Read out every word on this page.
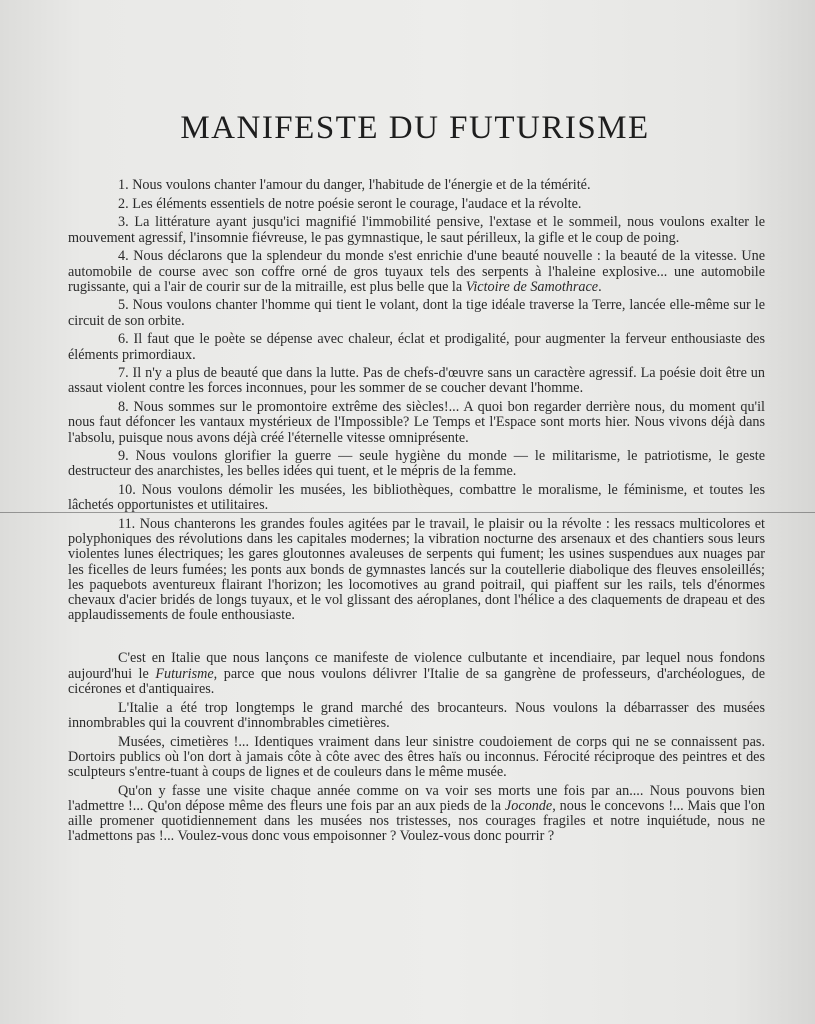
MANIFESTE DU FUTURISME

1. Nous voulons chanter l'amour du danger, l'habitude de l'énergie et de la témérité.

2. Les éléments essentiels de notre poésie seront le courage, l'audace et la révolte.

3. La littérature ayant jusqu'ici magnifié l'immobilité pensive, l'extase et le sommeil, nous voulons exalter le mouvement agressif, l'insomnie fiévreuse, le pas gymnastique, le saut périlleux, la gifle et le coup de poing.

4. Nous déclarons que la splendeur du monde s'est enrichie d'une beauté nouvelle : la beauté de la vitesse. Une automobile de course avec son coffre orné de gros tuyaux tels des serpents à l'haleine explosive... une automobile rugissante, qui a l'air de courir sur de la mitraille, est plus belle que la Victoire de Samothrace.

5. Nous voulons chanter l'homme qui tient le volant, dont la tige idéale traverse la Terre, lancée elle-même sur le circuit de son orbite.

6. Il faut que le poète se dépense avec chaleur, éclat et prodigalité, pour augmenter la ferveur enthousiaste des éléments primordiaux.

7. Il n'y a plus de beauté que dans la lutte. Pas de chefs-d'œuvre sans un caractère agressif. La poésie doit être un assaut violent contre les forces inconnues, pour les sommer de se coucher devant l'homme.

8. Nous sommes sur le promontoire extrême des siècles!... A quoi bon regarder derrière nous, du moment qu'il nous faut défoncer les vantaux mystérieux de l'Impossible? Le Temps et l'Espace sont morts hier. Nous vivons déjà dans l'absolu, puisque nous avons déjà créé l'éternelle vitesse omniprésente.

9. Nous voulons glorifier la guerre — seule hygiène du monde — le militarisme, le patriotisme, le geste destructeur des anarchistes, les belles idées qui tuent, et le mépris de la femme.

10. Nous voulons démolir les musées, les bibliothèques, combattre le moralisme, le féminisme, et toutes les lâchetés opportunistes et utilitaires.

11. Nous chanterons les grandes foules agitées par le travail, le plaisir ou la révolte : les ressacs multicolores et polyphoniques des révolutions dans les capitales modernes; la vibration nocturne des arsenaux et des chantiers sous leurs violentes lunes électriques; les gares gloutonnes avaleuses de serpents qui fument; les usines suspendues aux nuages par les ficelles de leurs fumées; les ponts aux bonds de gymnastes lancés sur la coutellerie diabolique des fleuves ensoleillés; les paquebots aventureux flairant l'horizon; les locomotives au grand poitrail, qui piaffent sur les rails, tels d'énormes chevaux d'acier bridés de longs tuyaux, et le vol glissant des aéroplanes, dont l'hélice a des claquements de drapeau et des applaudissements de foule enthousiaste.

C'est en Italie que nous lançons ce manifeste de violence culbutante et incendiaire, par lequel nous fondons aujourd'hui le Futurisme, parce que nous voulons délivrer l'Italie de sa gangrène de professeurs, d'archéologues, de cicérones et d'antiquaires.

L'Italie a été trop longtemps le grand marché des brocanteurs. Nous voulons la débarrasser des musées innombrables qui la couvrent d'innombrables cimetières.

Musées, cimetières !... Identiques vraiment dans leur sinistre coudoiement de corps qui ne se connaissent pas. Dortoirs publics où l'on dort à jamais côte à côte avec des êtres haïs ou inconnus. Férocité réciproque des peintres et des sculpteurs s'entre-tuant à coups de lignes et de couleurs dans le même musée.

Qu'on y fasse une visite chaque année comme on va voir ses morts une fois par an.... Nous pouvons bien l'admettre !... Qu'on dépose même des fleurs une fois par an aux pieds de la Joconde, nous le concevons !... Mais que l'on aille promener quotidiennement dans les musées nos tristesses, nos courages fragiles et notre inquiétude, nous ne l'admettons pas !... Voulez-vous donc vous empoisonner ? Voulez-vous donc pourrir ?
